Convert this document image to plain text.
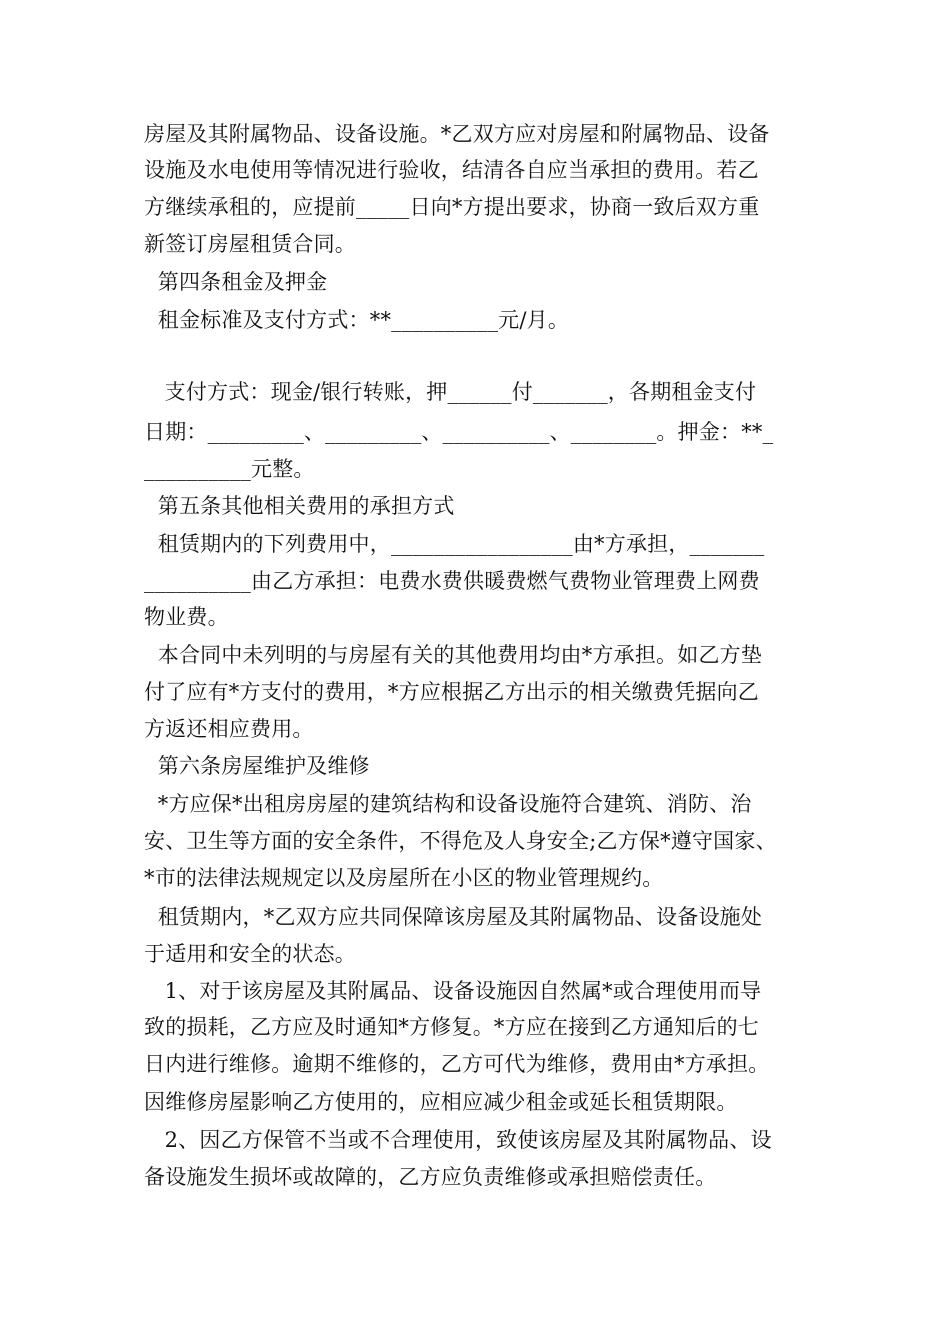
房屋及其附属物品、设备设施。*乙双方应对房屋和附属物品、设备
设施及水电使用等情况进行验收，结清各自应当承担的费用。若乙
方继续承租的，应提前_____日向*方提出要求，协商一致后双方重
新签订房屋租赁合同。
第四条租金及押金
租金标准及支付方式：**__________元/月。
支付方式：现金/银行转账，押______付_______，各期租金支付
日期：_________、_________、__________、________。押金：**_
__________元整。
第五条其他相关费用的承担方式
租赁期内的下列费用中，_________________由*方承担，_______
__________由乙方承担：电费水费供暖费燃气费物业管理费上网费
物业费。
本合同中未列明的与房屋有关的其他费用均由*方承担。如乙方垫
付了应有*方支付的费用，*方应根据乙方出示的相关缴费凭据向乙
方返还相应费用。
第六条房屋维护及维修
*方应保*出租房房屋的建筑结构和设备设施符合建筑、消防、治
安、卫生等方面的安全条件，不得危及人身安全;乙方保*遵守国家、
*市的法律法规规定以及房屋所在小区的物业管理规约。
租赁期内，*乙双方应共同保障该房屋及其附属物品、设备设施处
于适用和安全的状态。
1、对于该房屋及其附属品、设备设施因自然属*或合理使用而导
致的损耗，乙方应及时通知*方修复。*方应在接到乙方通知后的七
日内进行维修。逾期不维修的，乙方可代为维修，费用由*方承担。
因维修房屋影响乙方使用的，应相应减少租金或延长租赁期限。
2、因乙方保管不当或不合理使用，致使该房屋及其附属物品、设
备设施发生损坏或故障的，乙方应负责维修或承担赔偿责任。
